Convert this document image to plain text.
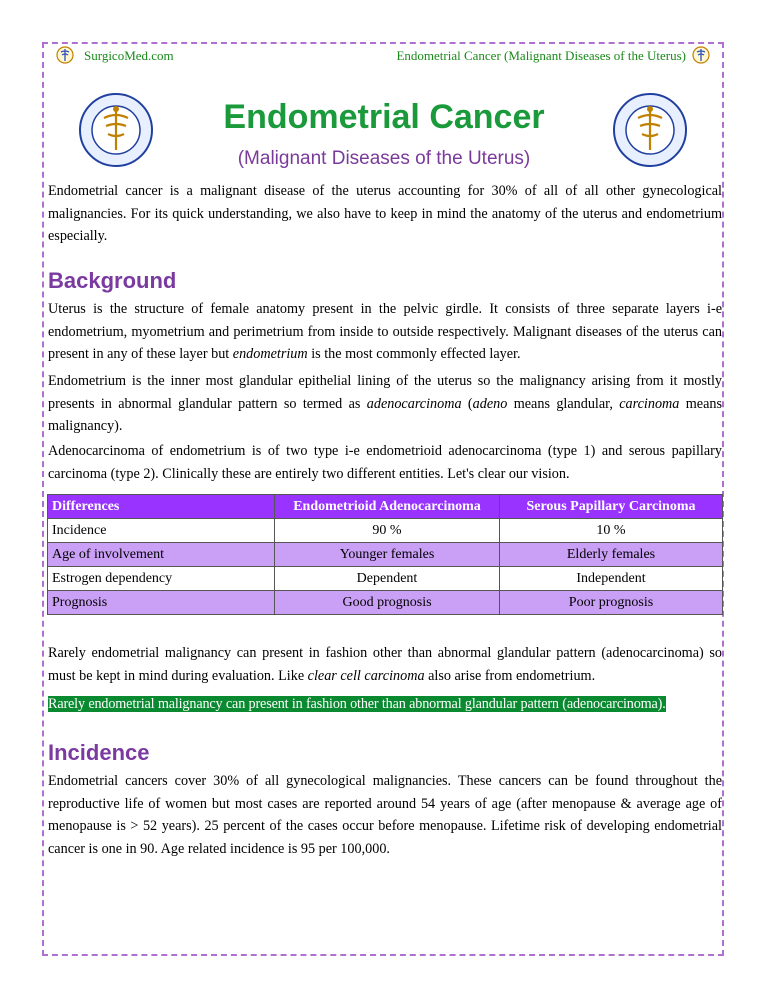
SurgicoMed.com	Endometrial Cancer (Malignant Diseases of the Uterus)
Endometrial Cancer
(Malignant Diseases of the Uterus)

Endometrial cancer is a malignant disease of the uterus accounting for 30% of all of all other gynecological malignancies. For its quick understanding, we also have to keep in mind the anatomy of the uterus and endometrium especially.

Background

Uterus is the structure of female anatomy present in the pelvic girdle. It consists of three separate layers i-e endometrium, myometrium and perimetrium from inside to outside respectively. Malignant diseases of the uterus can present in any of these layer but endometrium is the most commonly effected layer.

Endometrium is the inner most glandular epithelial lining of the uterus so the malignancy arising from it mostly presents in abnormal glandular pattern so termed as adenocarcinoma (adeno means glandular, carcinoma means malignancy).

Adenocarcinoma of endometrium is of two type i-e endometrioid adenocarcinoma (type 1) and serous papillary carcinoma (type 2). Clinically these are entirely two different entities. Let's clear our vision.

Differences	Endometrioid Adenocarcinoma	Serous Papillary Carcinoma
Incidence	90 %	10 %
Age of involvement	Younger females	Elderly females
Estrogen dependency	Dependent	Independent
Prognosis	Good prognosis	Poor prognosis

Rarely endometrial malignancy can present in fashion other than abnormal glandular pattern (adenocarcinoma) so must be kept in mind during evaluation. Like clear cell carcinoma also arise from endometrium.

Rarely endometrial malignancy can present in fashion other than abnormal glandular pattern (adenocarcinoma).

Incidence

Endometrial cancers cover 30% of all gynecological malignancies. These cancers can be found throughout the reproductive life of women but most cases are reported around 54 years of age (after menopause & average age of menopause is > 52 years). 25 percent of the cases occur before menopause. Lifetime risk of developing endometrial cancer is one in 90. Age related incidence is 95 per 100,000.
